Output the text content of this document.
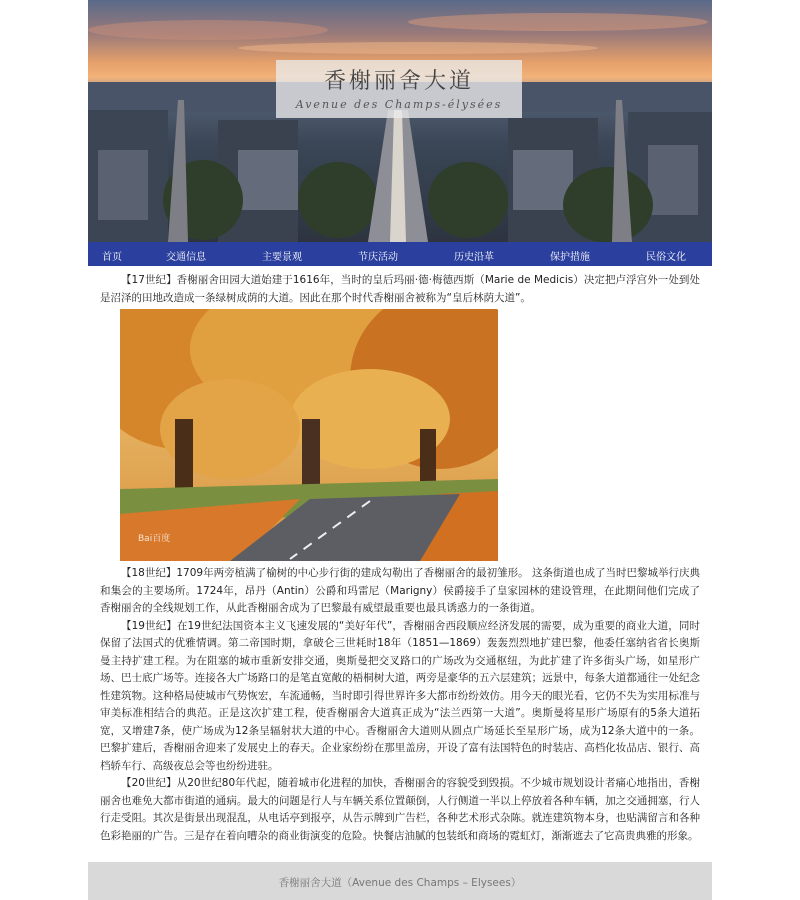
香榭丽舍大道
Avenue des Champs-élysées
首页	交通信息	主要景观	节庆活动	历史沿革	保护措施	民俗文化

【17世纪】香榭丽舍田园大道始建于1616年，当时的皇后玛丽·德·梅德西斯（Marie de Medicis）决定把卢浮宫外一处到处是沼泽的田地改造成一条绿树成荫的大道。因此在那个时代香榭丽舍被称为“皇后林荫大道”。

Bai百度

【18世纪】1709年两旁植满了榆树的中心步行街的建成勾勒出了香榭丽舍的最初雏形。 这条街道也成了当时巴黎城举行庆典和集会的主要场所。1724年，昂丹（Antin）公爵和玛雷尼（Marigny）侯爵接手了皇家园林的建设管理，在此期间他们完成了香榭丽舍的全线规划工作，从此香榭丽舍成为了巴黎最有威望最重要也最具诱惑力的一条街道。

【19世纪】在19世纪法国资本主义飞速发展的“美好年代”，香榭丽舍西段顺应经济发展的需要，成为重要的商业大道，同时保留了法国式的优雅情调。第二帝国时期，拿破仑三世耗时18年（1851—1869）轰轰烈烈地扩建巴黎，他委任塞纳省省长奥斯曼主持扩建工程。为在阻塞的城市重新安排交通，奥斯曼把交叉路口的广场改为交通枢纽，为此扩建了许多街头广场，如星形广场、巴士底广场等。连接各大广场路口的是笔直宽敞的梧桐树大道，两旁是豪华的五六层建筑；远景中，每条大道都通往一处纪念性建筑物。这种格局使城市气势恢宏，车流通畅，当时即引得世界许多大都市纷纷效仿。用今天的眼光看，它仍不失为实用标准与审美标准相结合的典范。正是这次扩建工程，使香榭丽舍大道真正成为“法兰西第一大道”。奥斯曼将星形广场原有的5条大道拓宽，又增建7条，使广场成为12条呈辐射状大道的中心。香榭丽舍大道则从圆点广场延长至星形广场，成为12条大道中的一条。巴黎扩建后，香榭丽舍迎来了发展史上的春天。企业家纷纷在那里盖房，开设了富有法国特色的时装店、高档化妆品店、银行、高档轿车行、高级夜总会等也纷纷进驻。

【20世纪】从20世纪80年代起，随着城市化进程的加快，香榭丽舍的容貌受到毁损。不少城市规划设计者痛心地指出，香榭丽舍也难免大都市街道的通病。最大的问题是行人与车辆关系位置颠倒，人行侧道一半以上停放着各种车辆，加之交通拥塞，行人行走受阻。其次是街景出现混乱，从电话亭到报亭，从告示牌到广告栏，各种艺术形式杂陈。就连建筑物本身，也贴满留言和各种色彩艳丽的广告。三是存在着向嘈杂的商业街演变的危险。快餐店油腻的包装纸和商场的霓虹灯，渐渐遮去了它高贵典雅的形象。

香榭丽舍大道（Avenue des Champs – Elysees）
